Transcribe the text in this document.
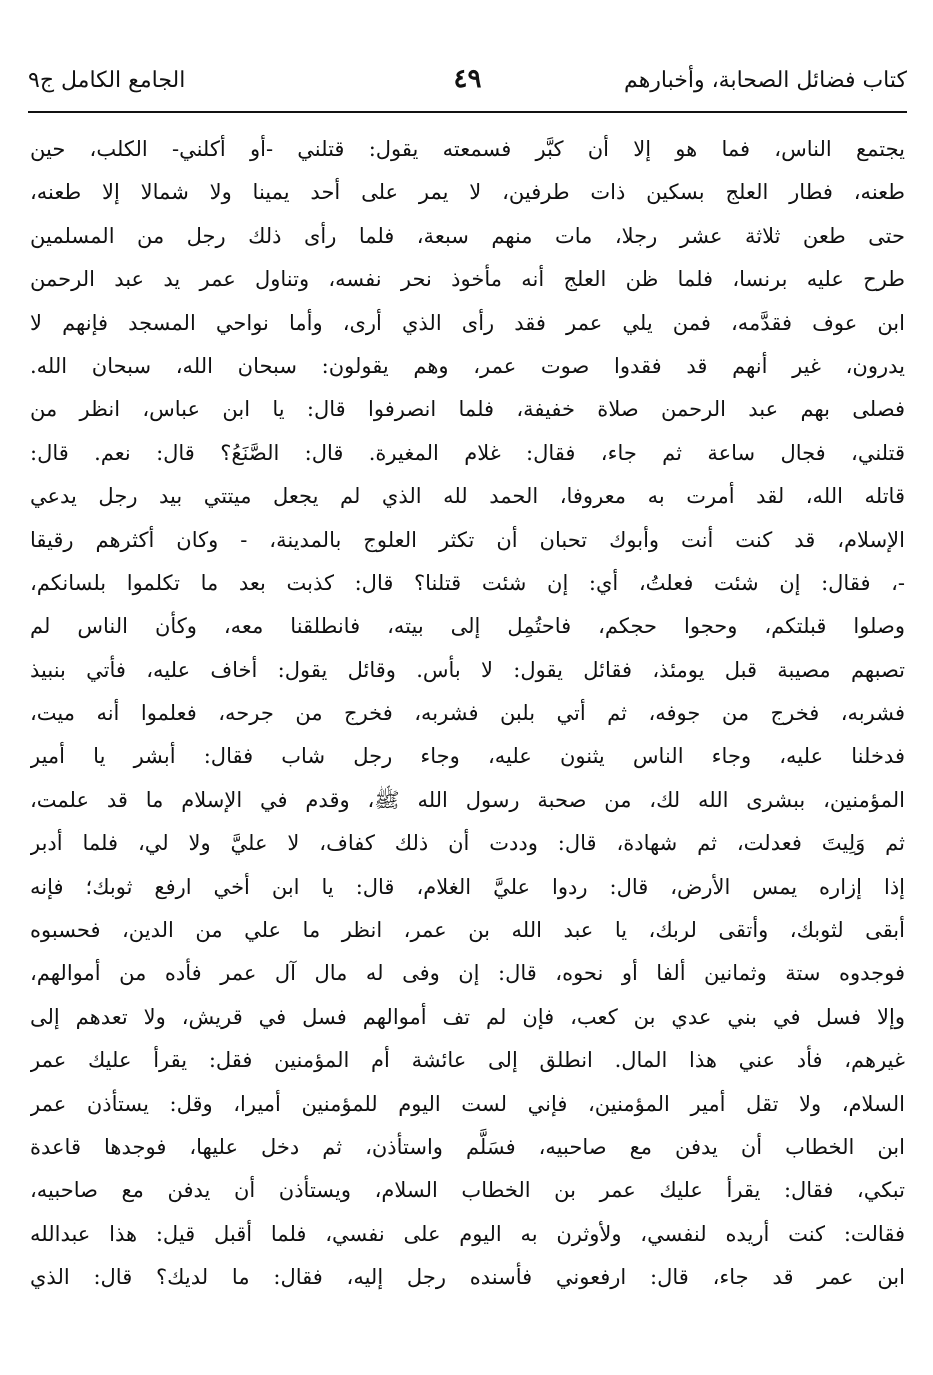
كتاب فضائل الصحابة، وأخبارهم
٤٩
الجامع الكامل ج٩
يجتمع الناس، فما هو إلا أن كبَّر فسمعته يقول: قتلني -أو أكلني- الكلب، حين
طعنه، فطار العلج بسكين ذات طرفين، لا يمر على أحد يمينا ولا شمالا إلا طعنه،
حتى طعن ثلاثة عشر رجلا، مات منهم سبعة، فلما رأى ذلك رجل من المسلمين
طرح عليه برنسا، فلما ظن العلج أنه مأخوذ نحر نفسه، وتناول عمر يد عبد الرحمن
ابن عوف فقدَّمه، فمن يلي عمر فقد رأى الذي أرى، وأما نواحي المسجد فإنهم لا
يدرون، غير أنهم قد فقدوا صوت عمر، وهم يقولون: سبحان الله، سبحان الله.
فصلى بهم عبد الرحمن صلاة خفيفة، فلما انصرفوا قال: يا ابن عباس، انظر من
قتلني، فجال ساعة ثم جاء، فقال: غلام المغيرة. قال: الصَّنَعُ؟ قال: نعم. قال:
قاتله الله، لقد أمرت به معروفا، الحمد لله الذي لم يجعل ميتتي بيد رجل يدعي
الإسلام، قد كنت أنت وأبوك تحبان أن تكثر العلوج بالمدينة، - وكان أكثرهم رقيقا
-، فقال: إن شئت فعلتُ، أي: إن شئت قتلنا؟ قال: كذبت بعد ما تكلموا بلسانكم،
وصلوا قبلتكم، وحجوا حجكم، فاحتُمِل إلى بيته، فانطلقنا معه، وكأن الناس لم
تصبهم مصيبة قبل يومئذ، فقائل يقول: لا بأس. وقائل يقول: أخاف عليه، فأتي بنبيذ
فشربه، فخرج من جوفه، ثم أتي بلبن فشربه، فخرج من جرحه، فعلموا أنه ميت،
فدخلنا عليه، وجاء الناس يثنون عليه، وجاء رجل شاب فقال: أبشر يا أمير
المؤمنين، ببشرى الله لك، من صحبة رسول الله ﷺ، وقدم في الإسلام ما قد علمت،
ثم وَلِيتَ فعدلت، ثم شهادة، قال: وددت أن ذلك كفاف، لا عليَّ ولا لي، فلما أدبر
إذا إزاره يمس الأرض، قال: ردوا عليَّ الغلام، قال: يا ابن أخي ارفع ثوبك؛ فإنه
أبقى لثوبك، وأتقى لربك، يا عبد الله بن عمر، انظر ما علي من الدين، فحسبوه
فوجدوه ستة وثمانين ألفا أو نحوه، قال: إن وفى له مال آل عمر فأده من أموالهم،
وإلا فسل في بني عدي بن كعب، فإن لم تف أموالهم فسل في قريش، ولا تعدهم إلى
غيرهم، فأد عني هذا المال. انطلق إلى عائشة أم المؤمنين فقل: يقرأ عليك عمر
السلام، ولا تقل أمير المؤمنين، فإني لست اليوم للمؤمنين أميرا، وقل: يستأذن عمر
ابن الخطاب أن يدفن مع صاحبيه، فسَلَّم واستأذن، ثم دخل عليها، فوجدها قاعدة
تبكي، فقال: يقرأ عليك عمر بن الخطاب السلام، ويستأذن أن يدفن مع صاحبيه،
فقالت: كنت أريده لنفسي، ولأوثرن به اليوم على نفسي، فلما أقبل قيل: هذا عبدالله
ابن عمر قد جاء، قال: ارفعوني فأسنده رجل إليه، فقال: ما لديك؟ قال: الذي
